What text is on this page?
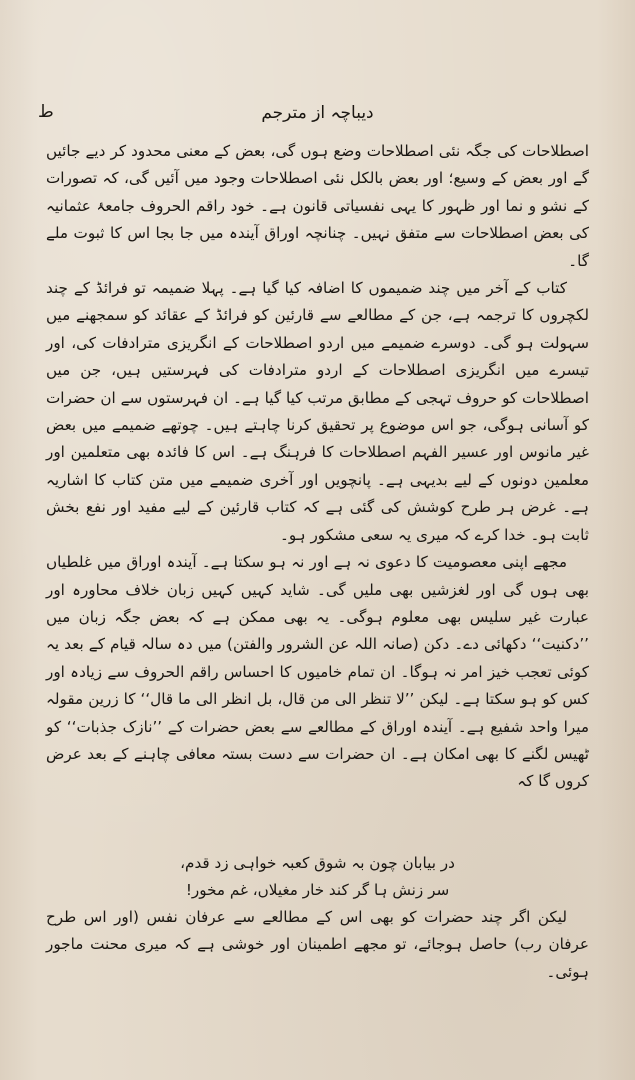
ط	دیباچہ از مترجم

اصطلاحات کی جگہ نئی اصطلاحات وضع ہوں گی، بعض کے معنی محدود کر دیے جائیں گے اور بعض کے وسیع؛ اور بعض بالکل نئی اصطلاحات وجود میں آئیں گی، کہ تصورات کے نشو و نما اور ظہور کا یہی نفسیاتی قانون ہے۔ خود راقم الحروف جامعۂ عثمانیہ کی بعض اصطلاحات سے متفق نہیں۔ چنانچہ اوراق آیندہ میں جا بجا اس کا ثبوت ملے گا۔

کتاب کے آخر میں چند ضمیموں کا اضافہ کیا گیا ہے۔ پہلا ضمیمہ تو فرائڈ کے چند لکچروں کا ترجمہ ہے، جن کے مطالعے سے قارئین کو فرائڈ کے عقائد کو سمجھنے میں سہولت ہو گی۔ دوسرے ضمیمے میں اردو اصطلاحات کے انگریزی مترادفات کی، اور تیسرے میں انگریزی اصطلاحات کے اردو مترادفات کی فہرستیں ہیں، جن میں اصطلاحات کو حروف تہجی کے مطابق مرتب کیا گیا ہے۔ ان فہرستوں سے ان حضرات کو آسانی ہوگی، جو اس موضوع پر تحقیق کرنا چاہتے ہیں۔ چوتھے ضمیمے میں بعض غیر مانوس اور عسیر الفہم اصطلاحات کا فرہنگ ہے۔ اس کا فائدہ بھی متعلمین اور معلمین دونوں کے لیے بدیہی ہے۔ پانچویں اور آخری ضمیمے میں متن کتاب کا اشاریہ ہے۔ غرض ہر طرح کوشش کی گئی ہے کہ کتاب قارئین کے لیے مفید اور نفع بخش ثابت ہو۔ خدا کرے کہ میری یہ سعی مشکور ہو۔

مجھے اپنی معصومیت کا دعوی نہ ہے اور نہ ہو سکتا ہے۔ آیندہ اوراق میں غلطیاں بھی ہوں گی اور لغزشیں بھی ملیں گی۔ شاید کہیں کہیں زبان خلاف محاورہ اور عبارت غیر سلیس بھی معلوم ہوگی۔ یہ بھی ممکن ہے کہ بعض جگہ زبان میں ’’دکنیت‘‘ دکھائی دے۔ دکن (صانہ اللہ عن الشرور والفتن) میں دہ سالہ قیام کے بعد یہ کوئی تعجب خیز امر نہ ہوگا۔ ان تمام خامیوں کا احساس راقم الحروف سے زیادہ اور کس کو ہو سکتا ہے۔ لیکن ’’لا تنظر الی من قال، بل انظر الی ما قال‘‘ کا زرین مقولہ میرا واحد شفیع ہے۔ آیندہ اوراق کے مطالعے سے بعض حضرات کے ’’نازک جذبات‘‘ کو ٹھیس لگنے کا بھی امکان ہے۔ ان حضرات سے دست بستہ معافی چاہنے کے بعد عرض کروں گا کہ

در بیابان چون بہ شوق کعبہ خواہی زد قدم،
سر زنش ہا گر کند خار مغیلاں، غم مخور!

لیکن اگر چند حضرات کو بھی اس کے مطالعے سے عرفان نفس (اور اس طرح عرفان رب) حاصل ہوجائے، تو مجھے اطمینان اور خوشی ہے کہ میری محنت ماجور ہوئی۔
